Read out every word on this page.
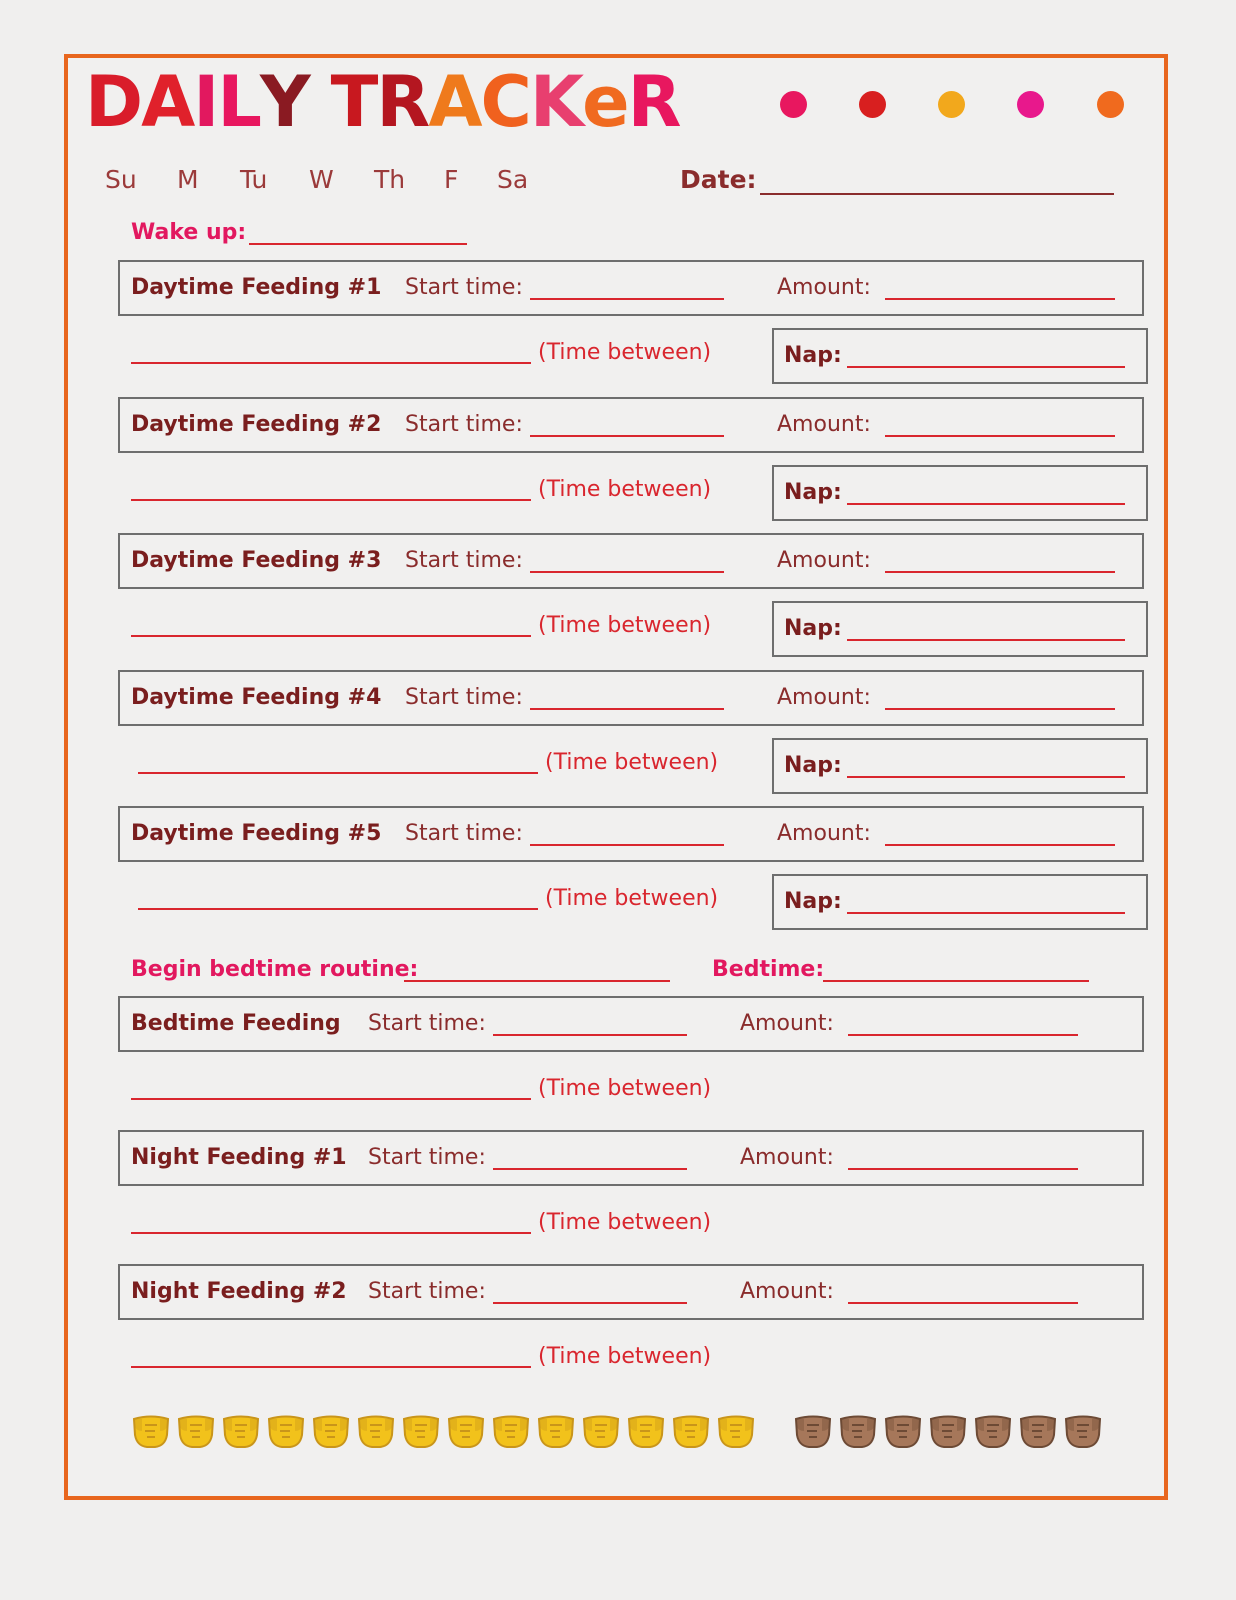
DAILY TRACKeR
Su M Tu W Th F Sa	Date:
Wake up:
Daytime Feeding #1 Start time:	Amount:
(Time between)	Nap:
Daytime Feeding #2 Start time:	Amount:
(Time between)	Nap:
Daytime Feeding #3 Start time:	Amount:
(Time between)	Nap:
Daytime Feeding #4 Start time:	Amount:
(Time between)	Nap:
Daytime Feeding #5 Start time:	Amount:
(Time between)	Nap:
Begin bedtime routine:	Bedtime:
Bedtime Feeding Start time:	Amount:
(Time between)
Night Feeding #1 Start time:	Amount:
(Time between)
Night Feeding #2 Start time:	Amount:
(Time between)
